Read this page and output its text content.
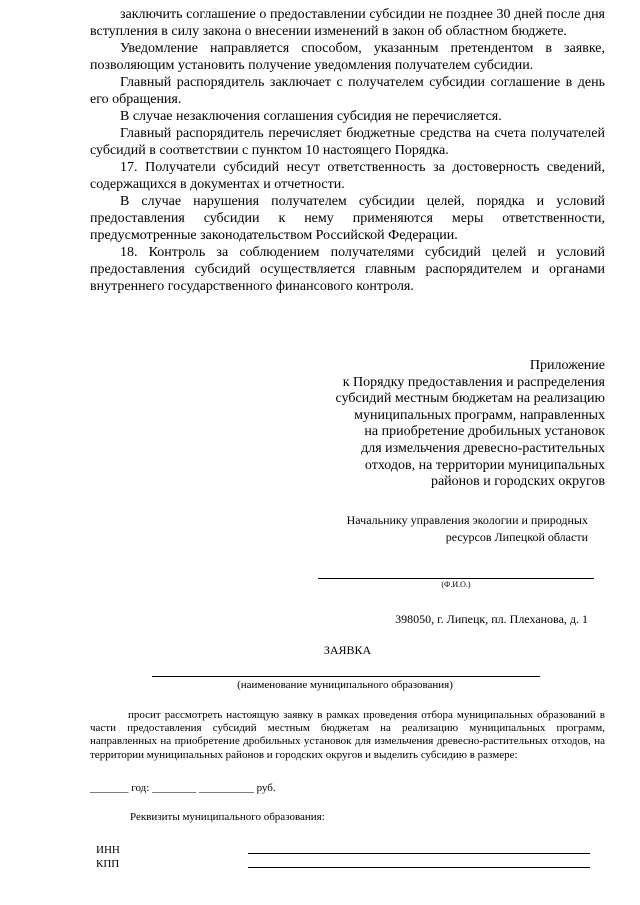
заключить соглашение о предоставлении субсидии не позднее 30 дней после дня вступления в силу закона о внесении изменений в закон об областном бюджете.

Уведомление направляется способом, указанным претендентом в заявке, позволяющим установить получение уведомления получателем субсидии.

Главный распорядитель заключает с получателем субсидии соглашение в день его обращения.

В случае незаключения соглашения субсидия не перечисляется.

Главный распорядитель перечисляет бюджетные средства на счета получателей субсидий в соответствии с пунктом 10 настоящего Порядка.

17. Получатели субсидий несут ответственность за достоверность сведений, содержащихся в документах и отчетности.

В случае нарушения получателем субсидии целей, порядка и условий предоставления субсидии к нему применяются меры ответственности, предусмотренные законодательством Российской Федерации.

18. Контроль за соблюдением получателями субсидий целей и условий предоставления субсидий осуществляется главным распорядителем и органами внутреннего государственного финансового контроля.

Приложение
к Порядку предоставления и распределения
субсидий местным бюджетам на реализацию
муниципальных программ, направленных
на приобретение дробильных установок
для измельчения древесно-растительных
отходов, на территории муниципальных
районов и городских округов
Начальнику управления экологии и природных
ресурсов Липецкой области
(Ф.И.О.)
398050, г. Липецк, пл. Плеханова, д. 1
ЗАЯВКА
(наименование муниципального образования)

просит рассмотреть настоящую заявку в рамках проведения отбора муниципальных образований в части предоставления субсидий местным бюджетам на реализацию муниципальных программ, направленных на приобретение дробильных установок для измельчения древесно-растительных отходов, на территории муниципальных районов и городских округов и выделить субсидию в размере:

_______ год: ________ __________ руб.
Реквизиты муниципального образования:
ИНН
КПП
